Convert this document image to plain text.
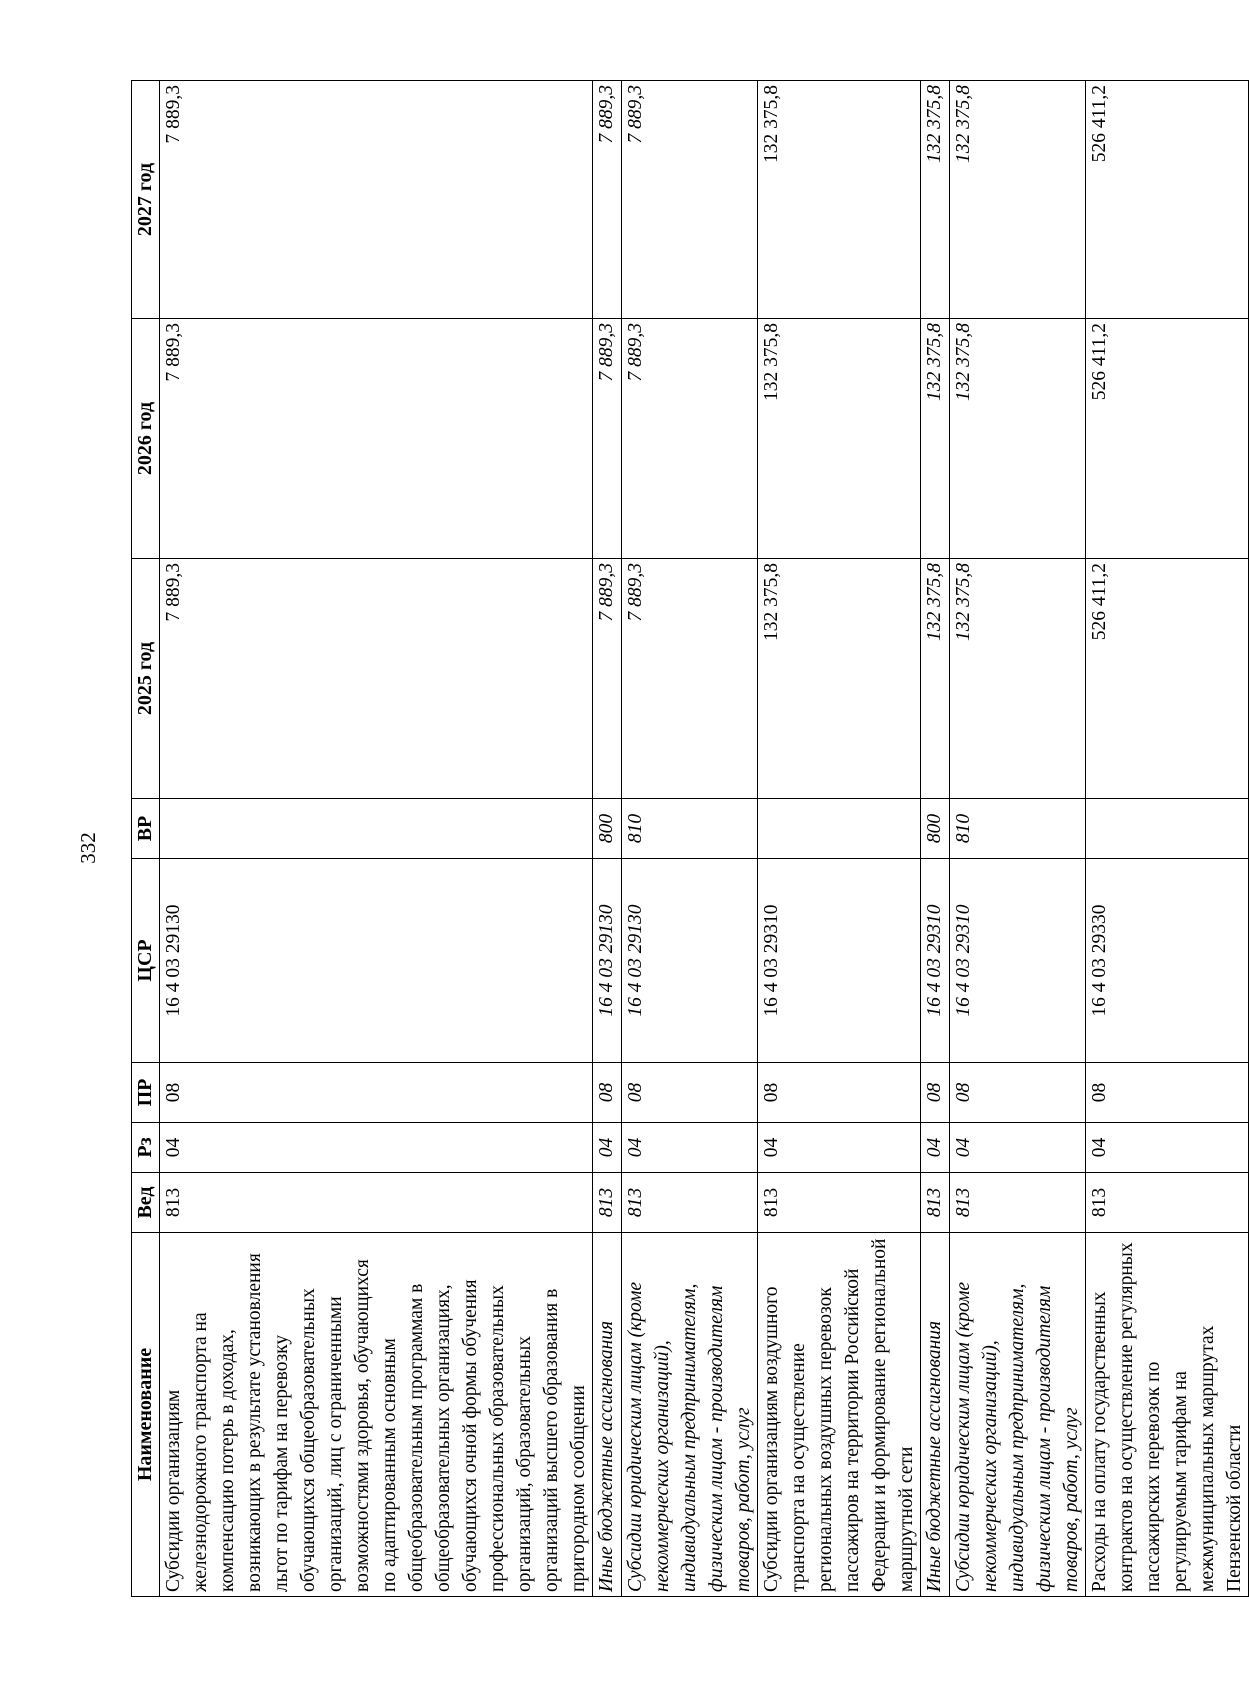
332
Наименование	Вед	Рз	ПР	ЦСР	ВР	2025 год	2026 год	2027 год
Субсидии организациям железнодорожного транспорта на компенсацию потерь в доходах, возникающих в результате установления льгот по тарифам на перевозку обучающихся общеобразовательных организаций, лиц с ограниченными возможностями здоровья, обучающихся по адаптированным основным общеобразовательным программам в общеобразовательных организациях, обучающихся очной формы обучения профессиональных образовательных организаций, образовательных организаций высшего образования в пригородном сообщении	813	04	08	16 4 03 29130		7 889,3	7 889,3	7 889,3
Иные бюджетные ассигнования	813	04	08	16 4 03 29130	800	7 889,3	7 889,3	7 889,3
Субсидии юридическим лицам (кроме некоммерческих организаций), индивидуальным предпринимателям, физическим лицам - производителям товаров, работ, услуг	813	04	08	16 4 03 29130	810	7 889,3	7 889,3	7 889,3
Субсидии организациям воздушного транспорта на осуществление региональных воздушных перевозок пассажиров на территории Российской Федерации и формирование региональной маршрутной сети	813	04	08	16 4 03 29310		132 375,8	132 375,8	132 375,8
Иные бюджетные ассигнования	813	04	08	16 4 03 29310	800	132 375,8	132 375,8	132 375,8
Субсидии юридическим лицам (кроме некоммерческих организаций), индивидуальным предпринимателям, физическим лицам - производителям товаров, работ, услуг	813	04	08	16 4 03 29310	810	132 375,8	132 375,8	132 375,8
Расходы на оплату государственных контрактов на осуществление регулярных пассажирских перевозок по регулируемым тарифам на межмуниципальных маршрутах Пензенской области	813	04	08	16 4 03 29330		526 411,2	526 411,2	526 411,2
